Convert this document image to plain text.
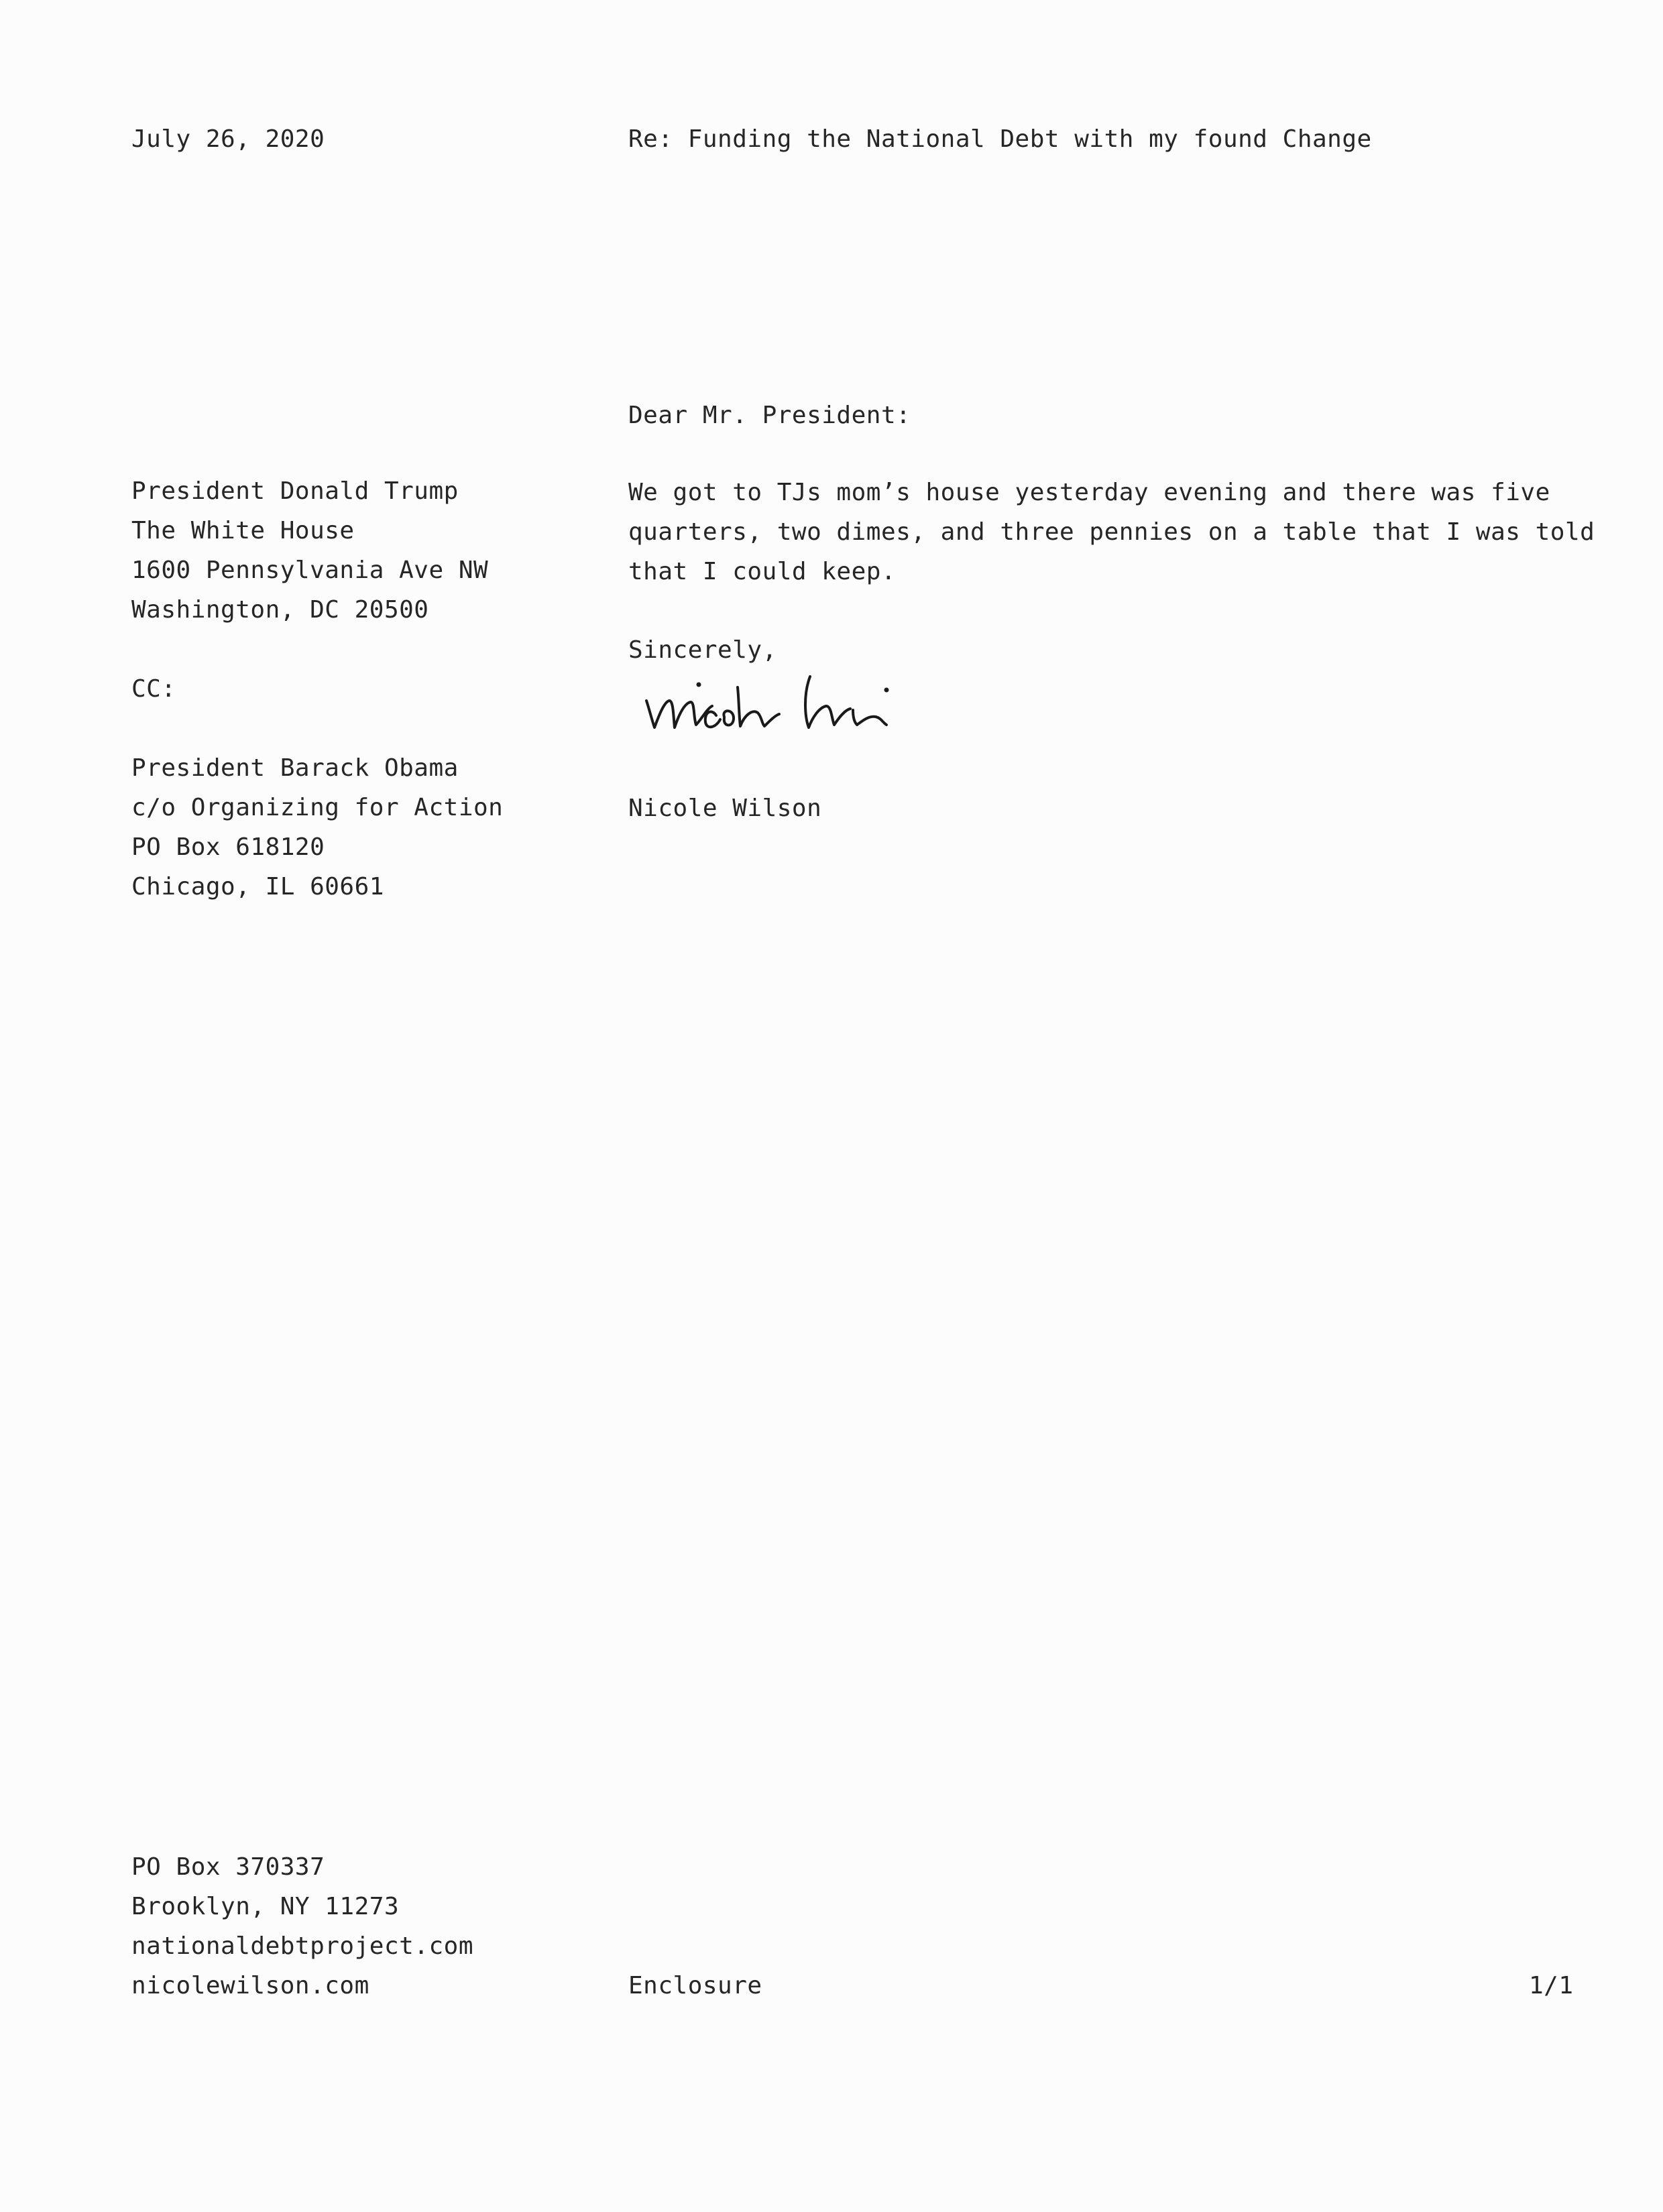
July 26, 2020	Re: Funding the National Debt with my found Change
President Donald Trump
The White House
1600 Pennsylvania Ave NW
Washington, DC 20500
CC:
President Barack Obama
c/o Organizing for Action
PO Box 618120
Chicago, IL 60661
Dear Mr. President:
We got to TJs mom’s house yesterday evening and there was five
quarters, two dimes, and three pennies on a table that I was told
that I could keep.
Sincerely,
Nicole Wilson
PO Box 370337
Brooklyn, NY 11273
nationaldebtproject.com
nicolewilson.com	Enclosure	1/1
